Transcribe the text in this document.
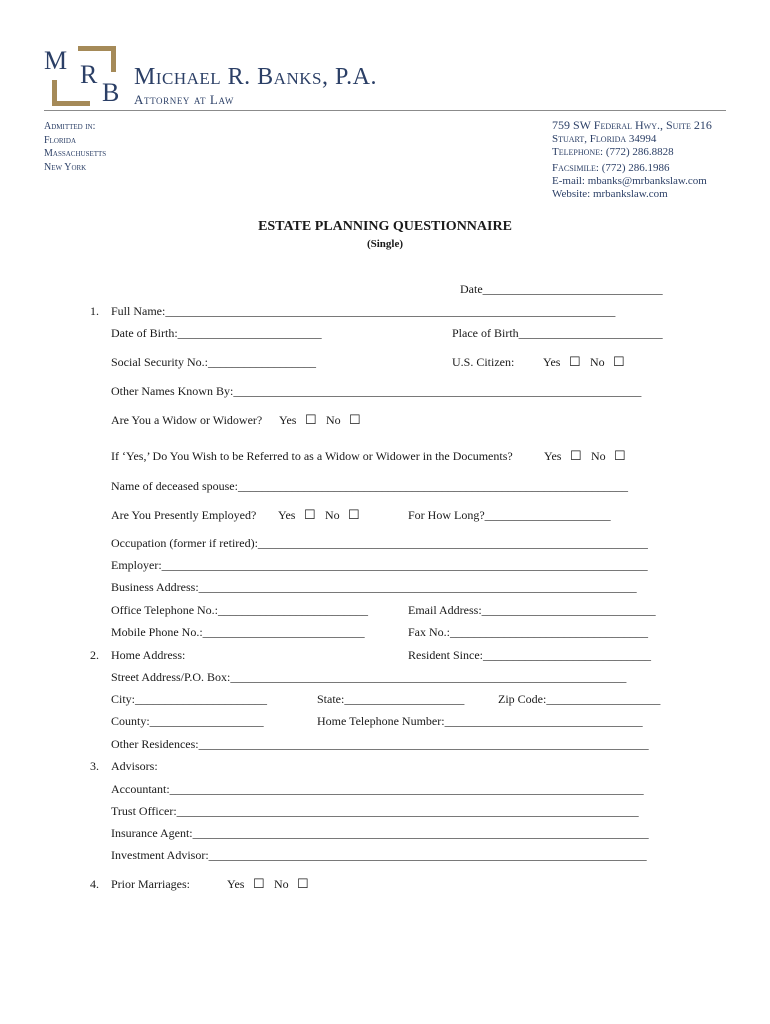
M R
B
Michael R. Banks, P.A.
Attorney at Law
Admitted in:
Florida
Massachusetts
New York
759 SW Federal Hwy., Suite 216
Stuart, Florida 34994
Telephone: (772) 286.8828
Facsimile: (772) 286.1986
E-mail: mbanks@mrbankslaw.com
Website: mrbankslaw.com
ESTATE PLANNING QUESTIONNAIRE
(Single)
Date______________________________
1. Full Name:___________________________________________________________________________
Date of Birth:________________________	Place of Birth________________________
Social Security No.:__________________	U.S. Citizen: Yes ☐ No ☐
Other Names Known By:____________________________________________________________________
Are You a Widow or Widower? Yes ☐ No ☐
If ‘Yes,’ Do You Wish to be Referred to as a Widow or Widower in the Documents?	Yes ☐ No ☐
Name of deceased spouse:_________________________________________________________________
Are You Presently Employed? Yes ☐ No ☐	For How Long?_____________________
Occupation (former if retired):_________________________________________________________________
Employer:_________________________________________________________________________________
Business Address:_________________________________________________________________________
Office Telephone No.:_________________________	Email Address:_____________________________
Mobile Phone No.:___________________________	Fax No.:_________________________________
2. Home Address:	Resident Since:____________________________
Street Address/P.O. Box:__________________________________________________________________
City:______________________	State:____________________	Zip Code:___________________
County:___________________	Home Telephone Number:_________________________________
Other Residences:___________________________________________________________________________
3. Advisors:
Accountant:_______________________________________________________________________________
Trust Officer:_____________________________________________________________________________
Insurance Agent:____________________________________________________________________________
Investment Advisor:_________________________________________________________________________
4. Prior Marriages:	Yes ☐ No ☐
